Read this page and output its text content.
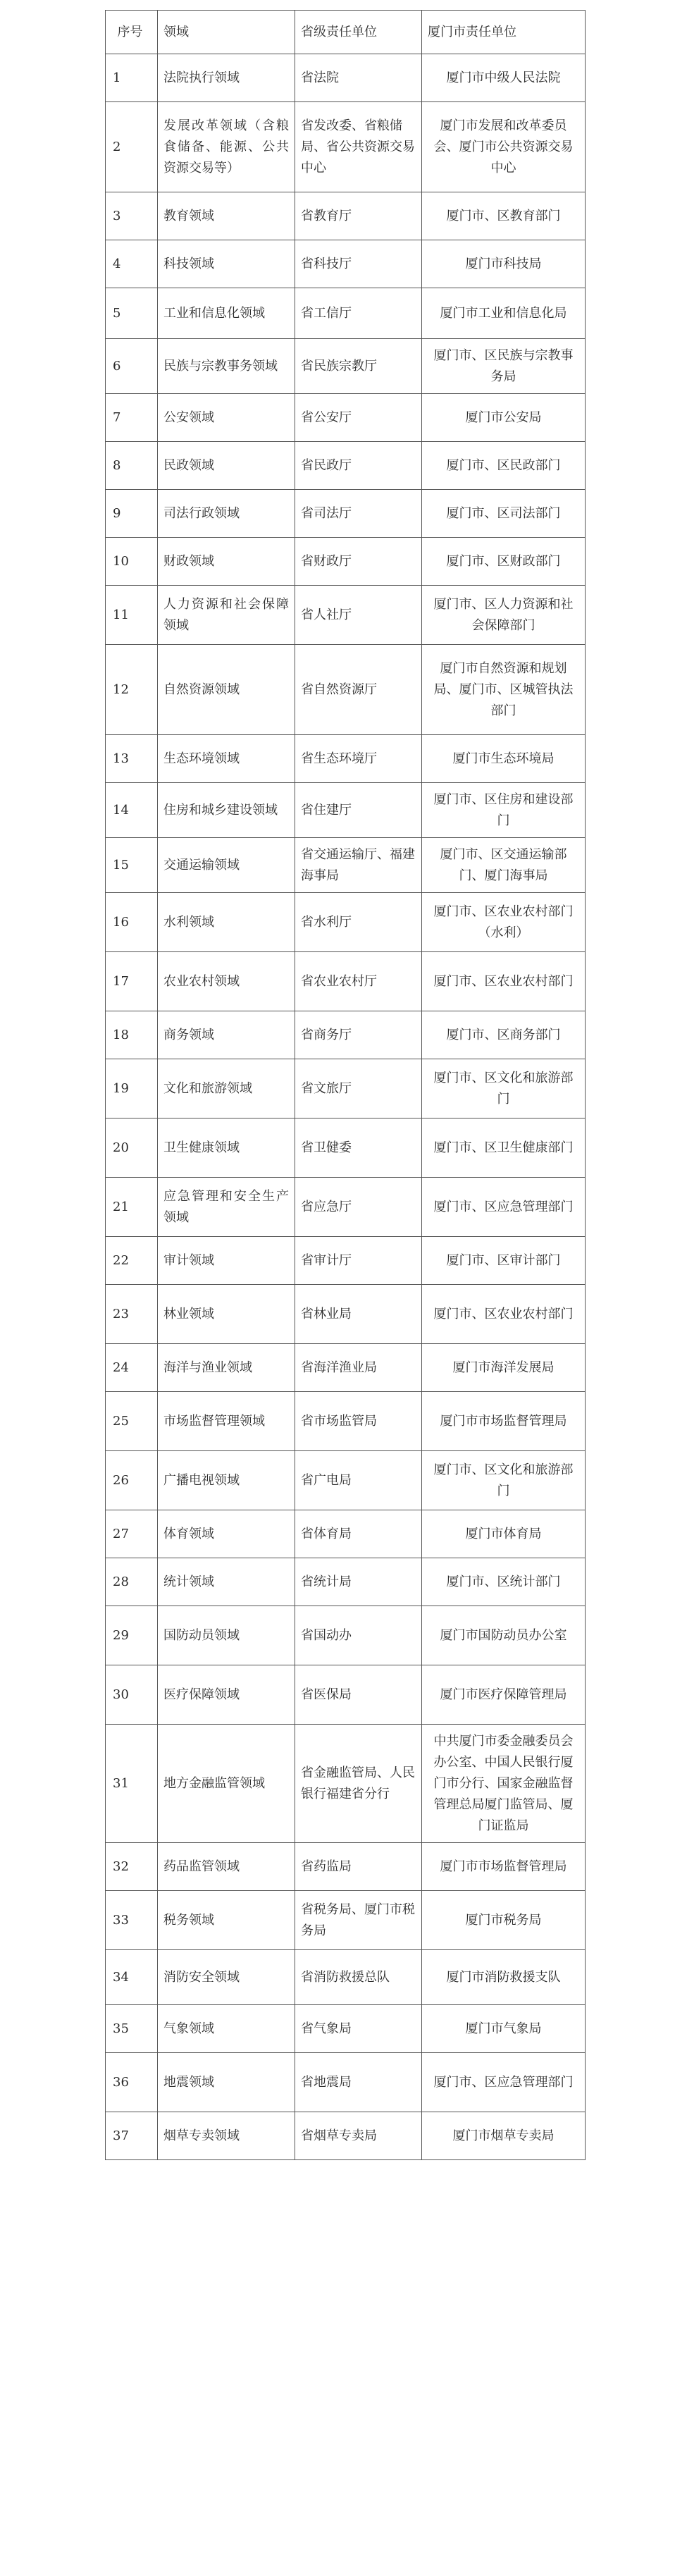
序号	领域	省级责任单位	厦门市责任单位
1	法院执行领域	省法院	厦门市中级人民法院
2	发展改革领域（含粮食储备、能源、公共资源交易等）	省发改委、省粮储局、省公共资源交易中心	厦门市发展和改革委员会、厦门市公共资源交易中心
3	教育领域	省教育厅	厦门市、区教育部门
4	科技领域	省科技厅	厦门市科技局
5	工业和信息化领域	省工信厅	厦门市工业和信息化局
6	民族与宗教事务领域	省民族宗教厅	厦门市、区民族与宗教事务局
7	公安领域	省公安厅	厦门市公安局
8	民政领域	省民政厅	厦门市、区民政部门
9	司法行政领域	省司法厅	厦门市、区司法部门
10	财政领域	省财政厅	厦门市、区财政部门
11	人力资源和社会保障领域	省人社厅	厦门市、区人力资源和社会保障部门
12	自然资源领域	省自然资源厅	厦门市自然资源和规划局、厦门市、区城管执法部门
13	生态环境领域	省生态环境厅	厦门市生态环境局
14	住房和城乡建设领域	省住建厅	厦门市、区住房和建设部门
15	交通运输领域	省交通运输厅、福建海事局	厦门市、区交通运输部门、厦门海事局
16	水利领域	省水利厅	厦门市、区农业农村部门（水利）
17	农业农村领域	省农业农村厅	厦门市、区农业农村部门
18	商务领域	省商务厅	厦门市、区商务部门
19	文化和旅游领域	省文旅厅	厦门市、区文化和旅游部门
20	卫生健康领域	省卫健委	厦门市、区卫生健康部门
21	应急管理和安全生产领域	省应急厅	厦门市、区应急管理部门
22	审计领域	省审计厅	厦门市、区审计部门
23	林业领域	省林业局	厦门市、区农业农村部门
24	海洋与渔业领域	省海洋渔业局	厦门市海洋发展局
25	市场监督管理领域	省市场监管局	厦门市市场监督管理局
26	广播电视领域	省广电局	厦门市、区文化和旅游部门
27	体育领域	省体育局	厦门市体育局
28	统计领域	省统计局	厦门市、区统计部门
29	国防动员领域	省国动办	厦门市国防动员办公室
30	医疗保障领域	省医保局	厦门市医疗保障管理局
31	地方金融监管领域	省金融监管局、人民银行福建省分行	中共厦门市委金融委员会办公室、中国人民银行厦门市分行、国家金融监督管理总局厦门监管局、厦门证监局
32	药品监管领域	省药监局	厦门市市场监督管理局
33	税务领域	省税务局、厦门市税务局	厦门市税务局
34	消防安全领域	省消防救援总队	厦门市消防救援支队
35	气象领域	省气象局	厦门市气象局
36	地震领域	省地震局	厦门市、区应急管理部门
37	烟草专卖领域	省烟草专卖局	厦门市烟草专卖局
